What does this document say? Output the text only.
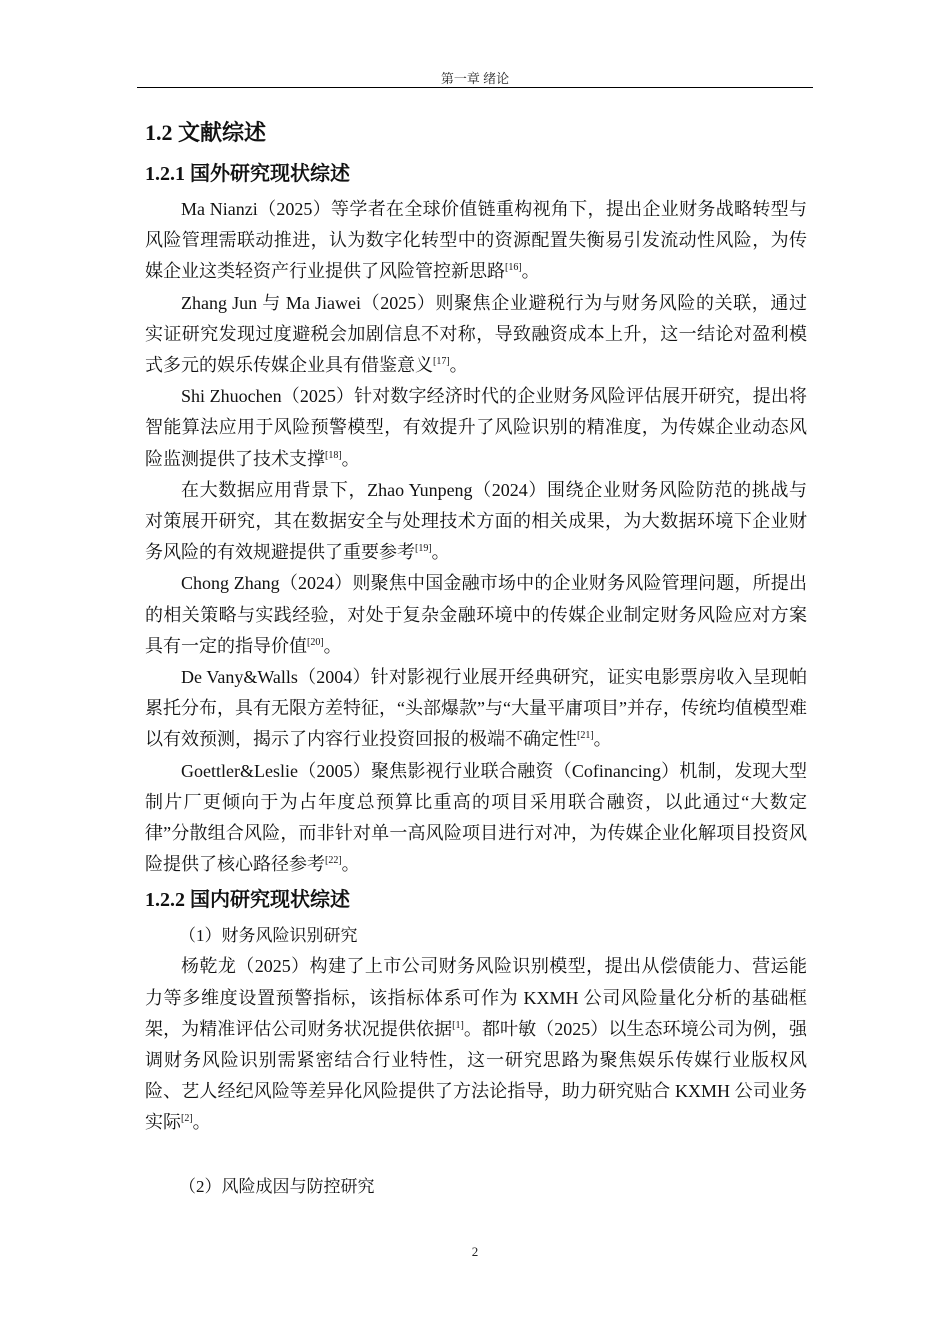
第一章 绪论
1.2 文献综述
1.2.1 国外研究现状综述

Ma Nianzi（2025）等学者在全球价值链重构视角下，提出企业财务战略转型与风险管理需联动推进，认为数字化转型中的资源配置失衡易引发流动性风险，为传媒企业这类轻资产行业提供了风险管控新思路[16]。

Zhang Jun 与 Ma Jiawei（2025）则聚焦企业避税行为与财务风险的关联，通过实证研究发现过度避税会加剧信息不对称，导致融资成本上升，这一结论对盈利模式多元的娱乐传媒企业具有借鉴意义[17]。

Shi Zhuochen（2025）针对数字经济时代的企业财务风险评估展开研究，提出将智能算法应用于风险预警模型，有效提升了风险识别的精准度，为传媒企业动态风险监测提供了技术支撑[18]。

在大数据应用背景下，Zhao Yunpeng（2024）围绕企业财务风险防范的挑战与对策展开研究，其在数据安全与处理技术方面的相关成果，为大数据环境下企业财务风险的有效规避提供了重要参考[19]。

Chong Zhang（2024）则聚焦中国金融市场中的企业财务风险管理问题，所提出的相关策略与实践经验，对处于复杂金融环境中的传媒企业制定财务风险应对方案具有一定的指导价值[20]。

De Vany&Walls（2004）针对影视行业展开经典研究，证实电影票房收入呈现帕累托分布，具有无限方差特征，“头部爆款”与“大量平庸项目”并存，传统均值模型难以有效预测，揭示了内容行业投资回报的极端不确定性[21]。

Goettler&Leslie（2005）聚焦影视行业联合融资（Cofinancing）机制，发现大型制片厂更倾向于为占年度总预算比重高的项目采用联合融资，以此通过“大数定律”分散组合风险，而非针对单一高风险项目进行对冲，为传媒企业化解项目投资风险提供了核心路径参考[22]。

1.2.2 国内研究现状综述

（1）财务风险识别研究

杨乾龙（2025）构建了上市公司财务风险识别模型，提出从偿债能力、营运能力等多维度设置预警指标，该指标体系可作为 KXMH 公司风险量化分析的基础框架，为精准评估公司财务状况提供依据[1]。都叶敏（2025）以生态环境公司为例，强调财务风险识别需紧密结合行业特性，这一研究思路为聚焦娱乐传媒行业版权风险、艺人经纪风险等差异化风险提供了方法论指导，助力研究贴合 KXMH 公司业务实际[2]。

（2）风险成因与防控研究

2
